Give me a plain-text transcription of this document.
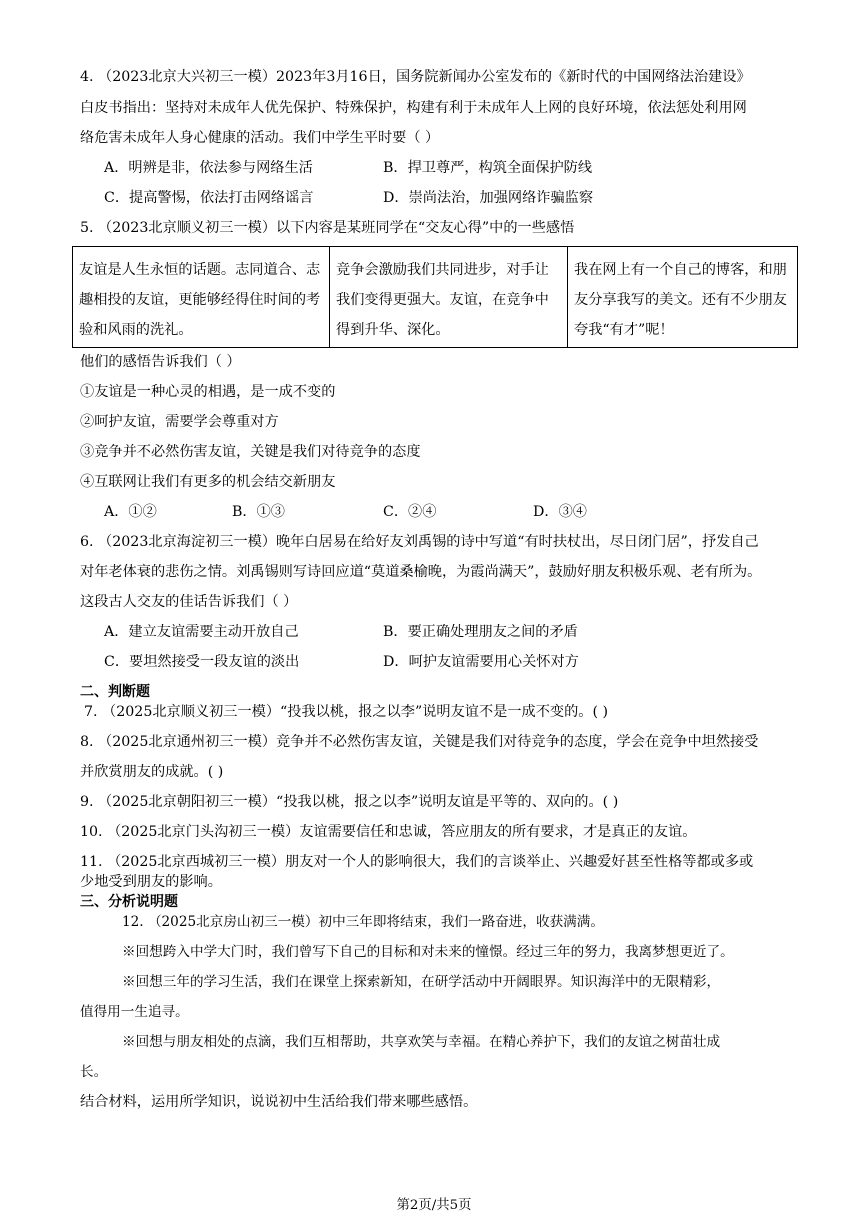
4. （2023北京大兴初三一模）2023年3月16日，国务院新闻办公室发布的《新时代的中国网络法治建设》
白皮书指出：坚持对未成年人优先保护、特殊保护，构建有利于未成年人上网的良好环境，依法惩处利用网
络危害未成年人身心健康的活动。我们中学生平时要（ ）
A．明辨是非，依法参与网络生活	B．捍卫尊严，构筑全面保护防线
C．提高警惕，依法打击网络谣言	D．崇尚法治，加强网络诈骗监察
5. （2023北京顺义初三一模）以下内容是某班同学在“交友心得”中的一些感悟
友谊是人生永恒的话题。志同道合、志趣相投的友谊，更能够经得住时间的考验和风雨的洗礼。	竞争会激励我们共同进步，对手让我们变得更强大。友谊，在竞争中得到升华、深化。	我在网上有一个自己的博客，和朋友分享我写的美文。还有不少朋友夸我“有才”呢！
他们的感悟告诉我们（ ）
①友谊是一种心灵的相遇，是一成不变的
②呵护友谊，需要学会尊重对方
③竞争并不必然伤害友谊，关键是我们对待竞争的态度
④互联网让我们有更多的机会结交新朋友
A．①②	B．①③	C．②④	D．③④
6. （2023北京海淀初三一模）晚年白居易在给好友刘禹锡的诗中写道“有时扶杖出，尽日闭门居”，抒发自己
对年老体衰的悲伤之情。刘禹锡则写诗回应道“莫道桑榆晚，为霞尚满天”，鼓励好朋友积极乐观、老有所为。
这段古人交友的佳话告诉我们（ ）
A．建立友谊需要主动开放自己	B．要正确处理朋友之间的矛盾
C．要坦然接受一段友谊的淡出	D．呵护友谊需要用心关怀对方
二、判断题
7. （2025北京顺义初三一模）“投我以桃，报之以李”说明友谊不是一成不变的。( )
8. （2025北京通州初三一模）竞争并不必然伤害友谊，关键是我们对待竞争的态度，学会在竞争中坦然接受
并欣赏朋友的成就。( )
9. （2025北京朝阳初三一模）“投我以桃，报之以李”说明友谊是平等的、双向的。( )
10. （2025北京门头沟初三一模）友谊需要信任和忠诚，答应朋友的所有要求，才是真正的友谊。
11. （2025北京西城初三一模）朋友对一个人的影响很大，我们的言谈举止、兴趣爱好甚至性格等都或多或
少地受到朋友的影响。
三、分析说明题
12. （2025北京房山初三一模）初中三年即将结束，我们一路奋进，收获满满。
※回想跨入中学大门时，我们曾写下自己的目标和对未来的憧憬。经过三年的努力，我离梦想更近了。
※回想三年的学习生活，我们在课堂上探索新知，在研学活动中开阔眼界。知识海洋中的无限精彩，
值得用一生追寻。
※回想与朋友相处的点滴，我们互相帮助，共享欢笑与幸福。在精心养护下，我们的友谊之树苗壮成
长。
结合材料，运用所学知识，说说初中生活给我们带来哪些感悟。
第2页/共5页
